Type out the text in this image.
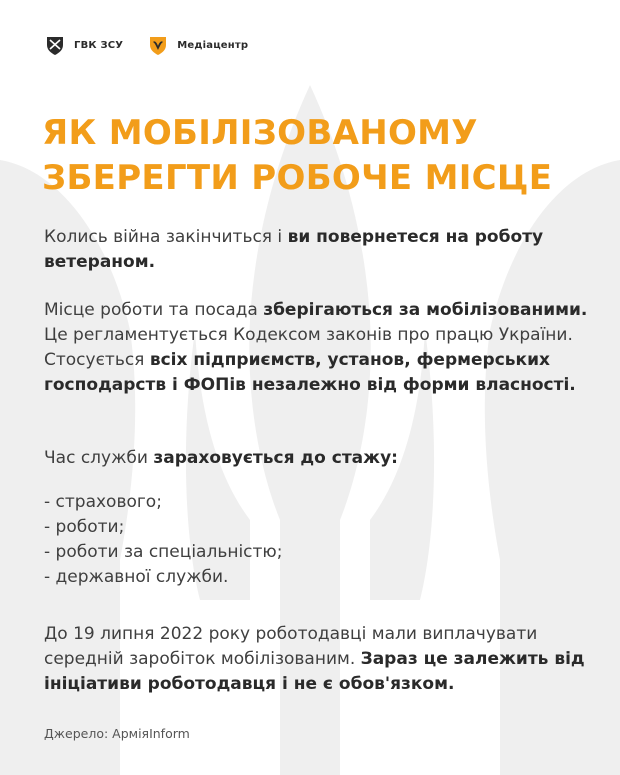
ГВК ЗСУ	Медіацентр
ЯК МОБІЛІЗОВАНОМУ
ЗБЕРЕГТИ РОБОЧЕ МІСЦЕ
Колись війна закінчиться і ви повернетеся на роботу ветераном.
Місце роботи та посада зберігаються за мобілізованими. Це регламентується Кодексом законів про працю України. Стосується всіх підприємств, установ, фермерських господарств і ФОПів незалежно від форми власності.
Час служби зараховується до стажу:
- страхового;
- роботи;
- роботи за спеціальністю;
- державної служби.
До 19 липня 2022 року роботодавці мали виплачувати середній заробіток мобілізованим. Зараз це залежить від ініціативи роботодавця і не є обов'язком.
Джерело: АрміяInform
